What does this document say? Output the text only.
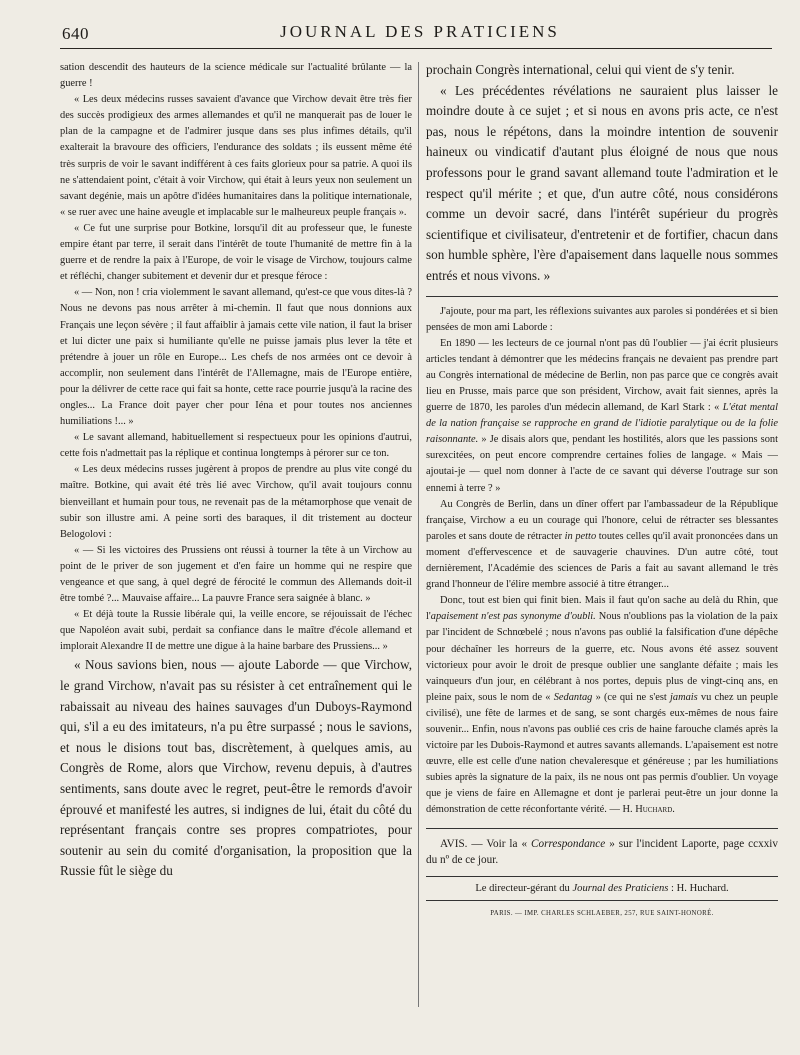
640	JOURNAL DES PRATICIENS

sation descendit des hauteurs de la science médicale sur l'actualité brûlante — la guerre !

« Les deux médecins russes savaient d'avance que Virchow devait être très fier des succès prodigieux des armes allemandes et qu'il ne manquerait pas de louer le plan de la campagne et de l'admirer jusque dans ses plus infimes détails, qu'il exalterait la bravoure des officiers, l'endurance des soldats ; ils eussent même été très surpris de voir le savant indifférent à ces faits glorieux pour sa patrie. A quoi ils ne s'attendaient point, c'était à voir Virchow, qui était à leurs yeux non seulement un savant degénie, mais un apôtre d'idées humanitaires dans la politique internationale, « se ruer avec une haine aveugle et implacable sur le malheureux peuple français ».

« Ce fut une surprise pour Botkine, lorsqu'il dit au professeur que, le funeste empire étant par terre, il serait dans l'intérêt de toute l'humanité de mettre fin à la guerre et de rendre la paix à l'Europe, de voir le visage de Virchow, toujours calme et réfléchi, changer subitement et devenir dur et presque féroce :

« — Non, non ! cria violemment le savant allemand, qu'est-ce que vous dites-là ? Nous ne devons pas nous arrêter à mi-chemin. Il faut que nous donnions aux Français une leçon sévère ; il faut affaiblir à jamais cette vile nation, il faut la briser et lui dicter une paix si humiliante qu'elle ne puisse jamais plus lever la tête et prétendre à jouer un rôle en Europe... Les chefs de nos armées ont ce devoir à accomplir, non seulement dans l'intérêt de l'Allemagne, mais de l'Europe entière, pour la délivrer de cette race qui fait sa honte, cette race pourrie jusqu'à la racine des ongles... La France doit payer cher pour Iéna et pour toutes nos anciennes humiliations !... »

« Le savant allemand, habituellement si respectueux pour les opinions d'autrui, cette fois n'admettait pas la réplique et continua longtemps à pérorer sur ce ton.

« Les deux médecins russes jugèrent à propos de prendre au plus vite congé du maître. Botkine, qui avait été très lié avec Virchow, qu'il avait toujours connu bienveillant et humain pour tous, ne revenait pas de la métamorphose que venait de subir son illustre ami. A peine sorti des baraques, il dit tristement au docteur Belogolovi :

« — Si les victoires des Prussiens ont réussi à tourner la tête à un Virchow au point de le priver de son jugement et d'en faire un homme qui ne respire que vengeance et que sang, à quel degré de férocité le commun des Allemands doit-il être tombé ?... Mauvaise affaire... La pauvre France sera saignée à blanc. »

« Et déjà toute la Russie libérale qui, la veille encore, se réjouissait de l'échec que Napoléon avait subi, perdait sa confiance dans le maître d'école allemand et implorait Alexandre II de mettre une digue à la haine barbare des Prussiens... »

« Nous savions bien, nous — ajoute Laborde — que Virchow, le grand Virchow, n'avait pas su résister à cet entraînement qui le rabaissait au niveau des haines sauvages d'un Duboys-Raymond qui, s'il a eu des imitateurs, n'a pu être surpassé ; nous le savions, et nous le disions tout bas, discrètement, à quelques amis, au Congrès de Rome, alors que Virchow, revenu depuis, à d'autres sentiments, sans doute avec le regret, peut-être le remords d'avoir éprouvé et manifesté les autres, si indignes de lui, était du côté du représentant français contre ses propres compatriotes, pour soutenir au sein du comité d'organisation, la proposition que la Russie fût le siège du

prochain Congrès international, celui qui vient de s'y tenir.

« Les précédentes révélations ne sauraient plus laisser le moindre doute à ce sujet ; et si nous en avons pris acte, ce n'est pas, nous le répétons, dans la moindre intention de souvenir haineux ou vindicatif d'autant plus éloigné de nous que nous professons pour le grand savant allemand toute l'admiration et le respect qu'il mérite ; et que, d'un autre côté, nous considérons comme un devoir sacré, dans l'intérêt supérieur du progrès scientifique et civilisateur, d'entretenir et de fortifier, chacun dans son humble sphère, l'ère d'apaisement dans laquelle nous sommes entrés et nous vivons. »

J'ajoute, pour ma part, les réflexions suivantes aux paroles si pondérées et si bien pensées de mon ami Laborde :

En 1890 — les lecteurs de ce journal n'ont pas dû l'oublier — j'ai écrit plusieurs articles tendant à démontrer que les médecins français ne devaient pas prendre part au Congrès international de médecine de Berlin, non pas parce que ce congrès avait lieu en Prusse, mais parce que son président, Virchow, avait fait siennes, après la guerre de 1870, les paroles d'un médecin allemand, de Karl Stark : « L'état mental de la nation française se rapproche en grand de l'idiotie paralytique ou de la folie raisonnante. » Je disais alors que, pendant les hostilités, alors que les passions sont surexcitées, on peut encore comprendre certaines folies de langage. « Mais — ajoutai-je — quel nom donner à l'acte de ce savant qui déverse l'outrage sur son ennemi à terre ? »

Au Congrès de Berlin, dans un dîner offert par l'ambassadeur de la République française, Virchow a eu un courage qui l'honore, celui de rétracter ses blessantes paroles et sans doute de rétracter in petto toutes celles qu'il avait prononcées dans un moment d'effervescence et de sauvagerie chauvines. D'un autre côté, tout dernièrement, l'Académie des sciences de Paris a fait au savant allemand le très grand l'honneur de l'élire membre associé à titre étranger...

Donc, tout est bien qui finit bien. Mais il faut qu'on sache au delà du Rhin, que l'apaisement n'est pas synonyme d'oubli. Nous n'oublions pas la violation de la paix par l'incident de Schnœbelé ; nous n'avons pas oublié la falsification d'une dépêche pour déchaîner les horreurs de la guerre, etc. Nous avons été assez souvent victorieux pour avoir le droit de presque oublier une sanglante défaite ; mais les vainqueurs d'un jour, en célébrant à nos portes, depuis plus de vingt-cinq ans, en pleine paix, sous le nom de « Sedantag » (ce qui ne s'est jamais vu chez un peuple civilisé), une fête de larmes et de sang, se sont chargés eux-mêmes de nous faire souvenir... Enfin, nous n'avons pas oublié ces cris de haine farouche clamés après la victoire par les Dubois-Raymond et autres savants allemands. L'apaisement est notre œuvre, elle est celle d'une nation chevaleresque et généreuse ; par les humiliations subies après la signature de la paix, ils ne nous ont pas permis d'oublier. Un voyage que je viens de faire en Allemagne et dont je parlerai peut-être un jour donne la démonstration de cette réconfortante vérité. — H. Huchard.

AVIS. — Voir la « Correspondance » sur l'incident Laporte, page ccxxiv du nº de ce jour.

Le directeur-gérant du Journal des Praticiens : H. Huchard.

PARIS. — IMP. CHARLES SCHLAEBER, 257, RUE SAINT-HONORÉ.
